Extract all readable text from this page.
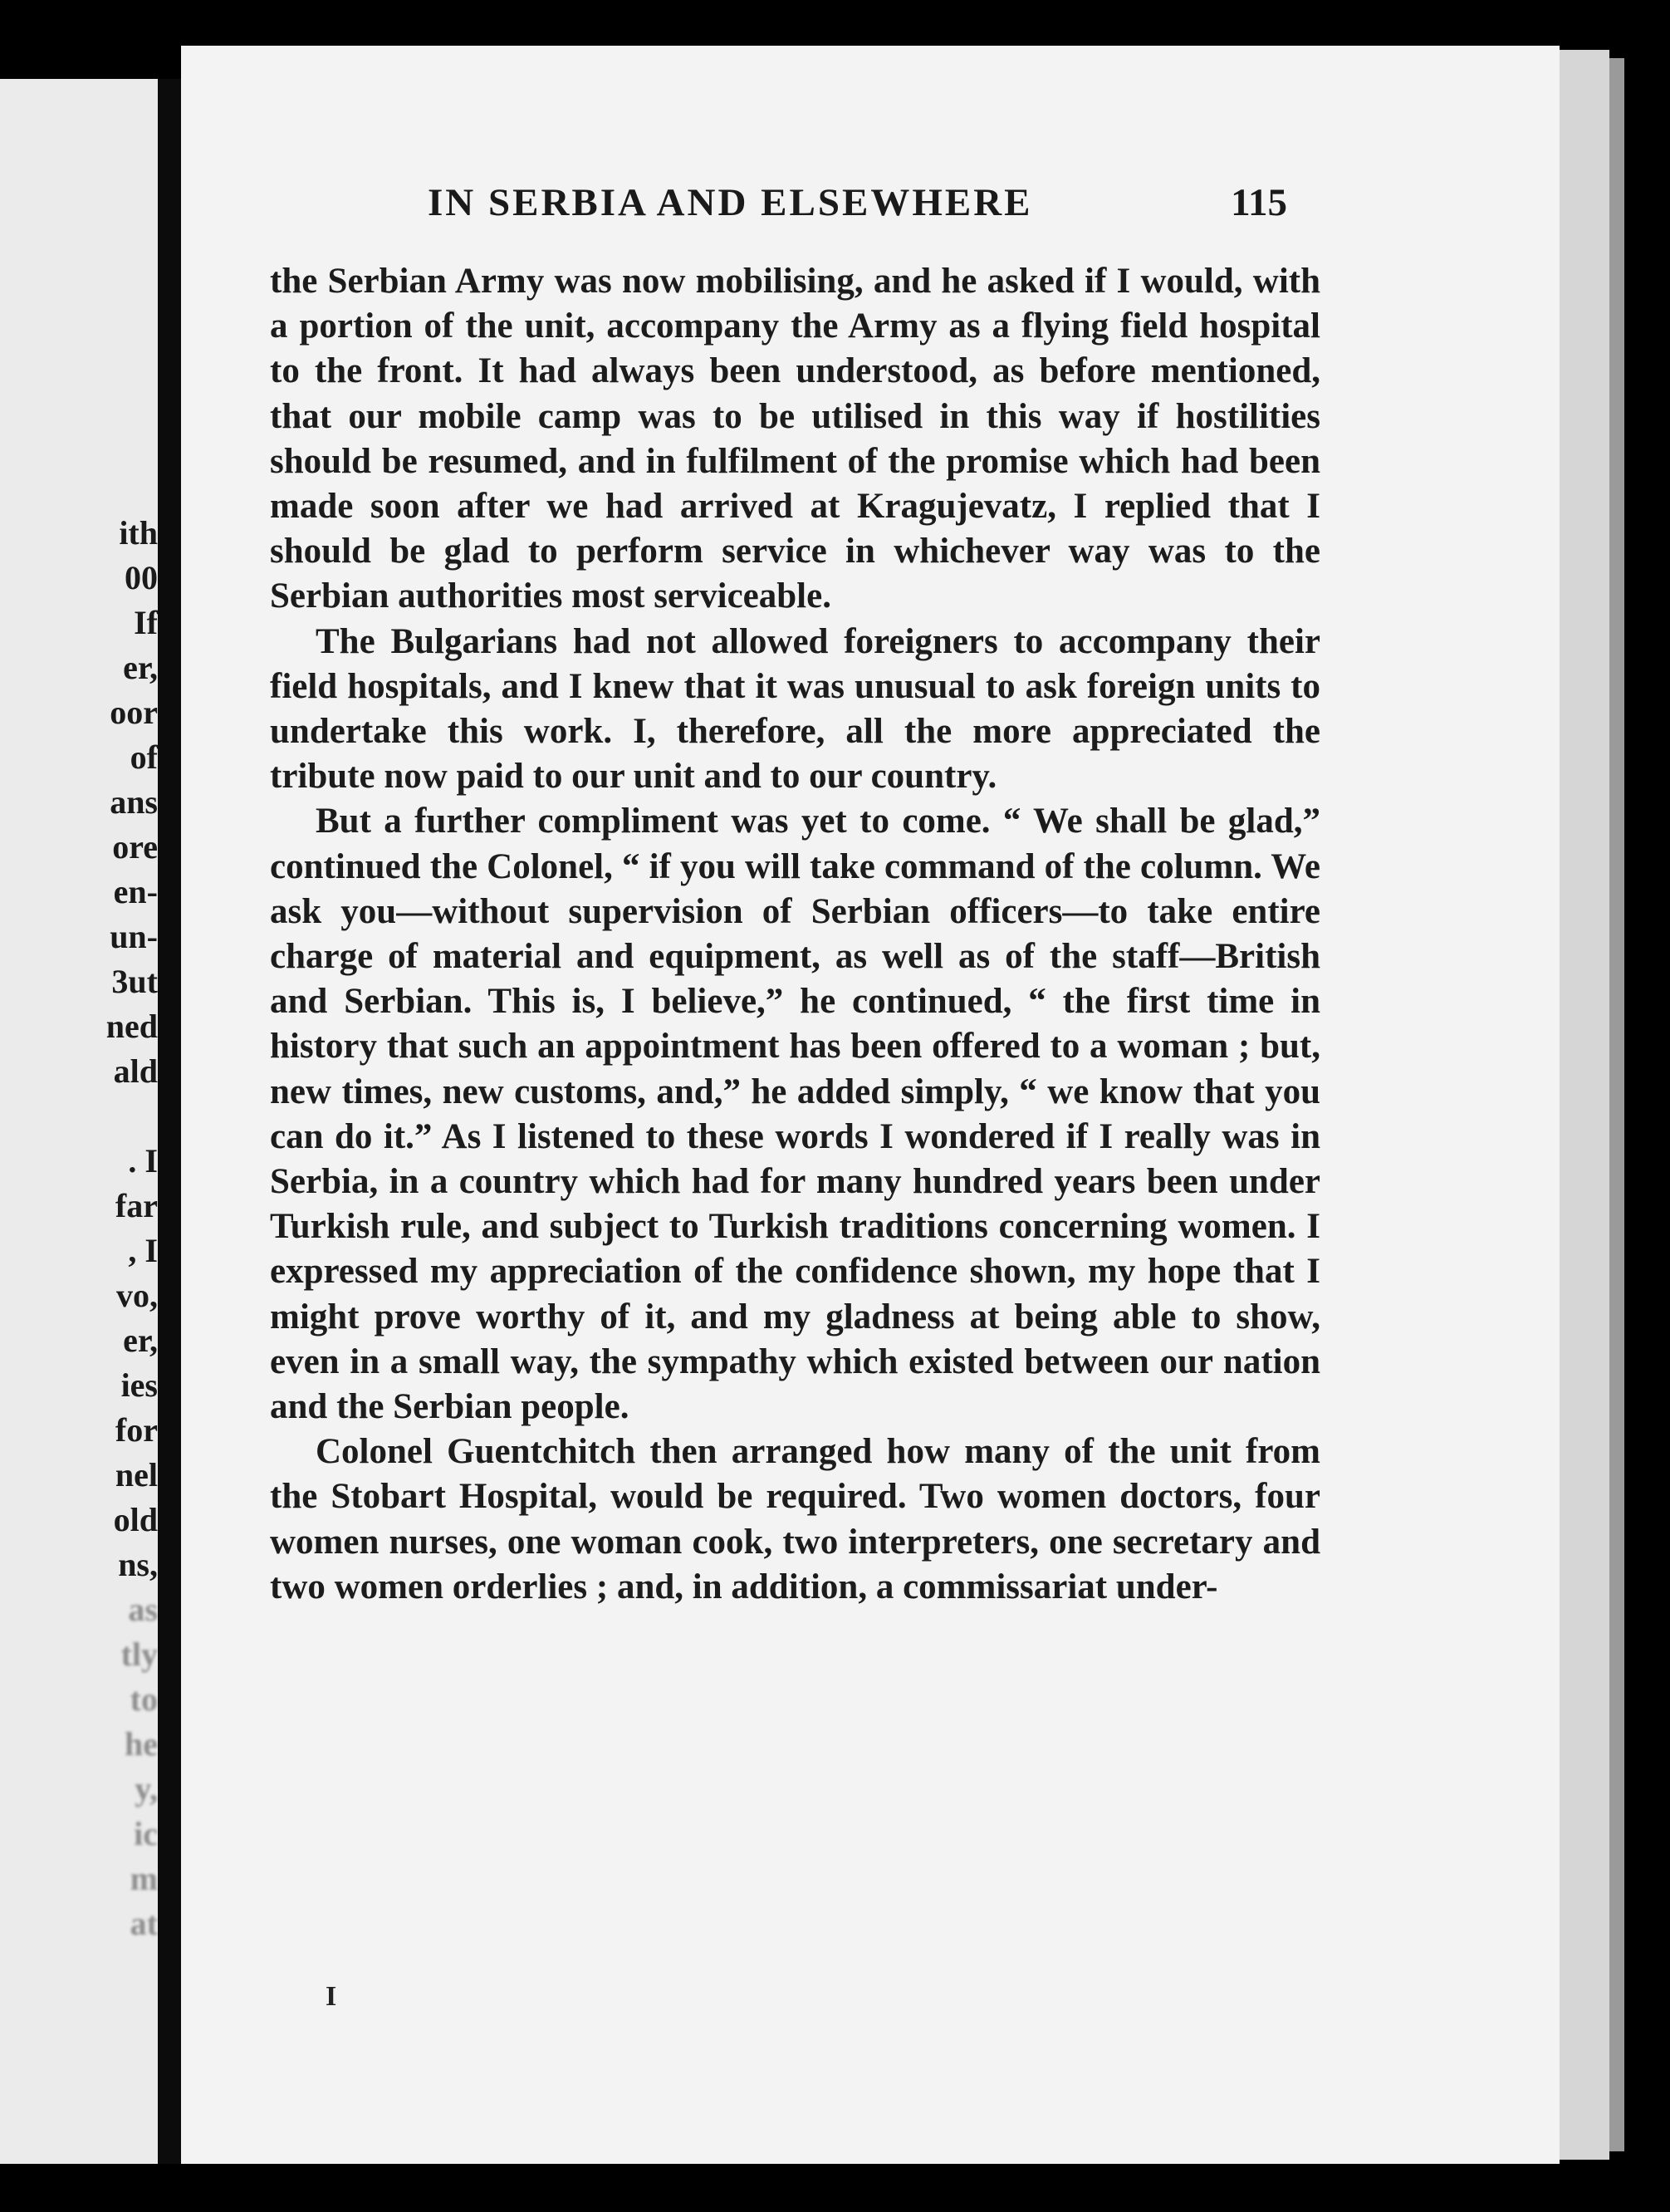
ith
00
If
er,
oor
of
ans
ore
en-
un-
3ut
ned
ald

. I
far
, I
vo,
er,
ies
for
nel
old
ns,
as
tly
to
he
y,
ic
m
at
IN SERBIA AND ELSEWHERE	115

the Serbian Army was now mobilising, and he asked if I would, with a portion of the unit, accompany the Army as a flying field hospital to the front. It had always been understood, as before mentioned, that our mobile camp was to be utilised in this way if hostilities should be resumed, and in fulfilment of the promise which had been made soon after we had arrived at Kragujevatz, I replied that I should be glad to perform service in whichever way was to the Serbian authorities most serviceable.

The Bulgarians had not allowed foreigners to accompany their field hospitals, and I knew that it was unusual to ask foreign units to undertake this work. I, therefore, all the more appreciated the tribute now paid to our unit and to our country.

But a further compliment was yet to come. “ We shall be glad,” continued the Colonel, “ if you will take command of the column. We ask you—without supervision of Serbian officers—to take entire charge of material and equipment, as well as of the staff—British and Serbian. This is, I believe,” he continued, “ the first time in history that such an appointment has been offered to a woman ; but, new times, new customs, and,” he added simply, “ we know that you can do it.” As I listened to these words I wondered if I really was in Serbia, in a country which had for many hundred years been under Turkish rule, and subject to Turkish traditions concerning women. I expressed my appreciation of the confidence shown, my hope that I might prove worthy of it, and my gladness at being able to show, even in a small way, the sympathy which existed between our nation and the Serbian people.

Colonel Guentchitch then arranged how many of the unit from the Stobart Hospital, would be required. Two women doctors, four women nurses, one woman cook, two interpreters, one secretary and two women orderlies ; and, in addition, a commissariat under-

I
